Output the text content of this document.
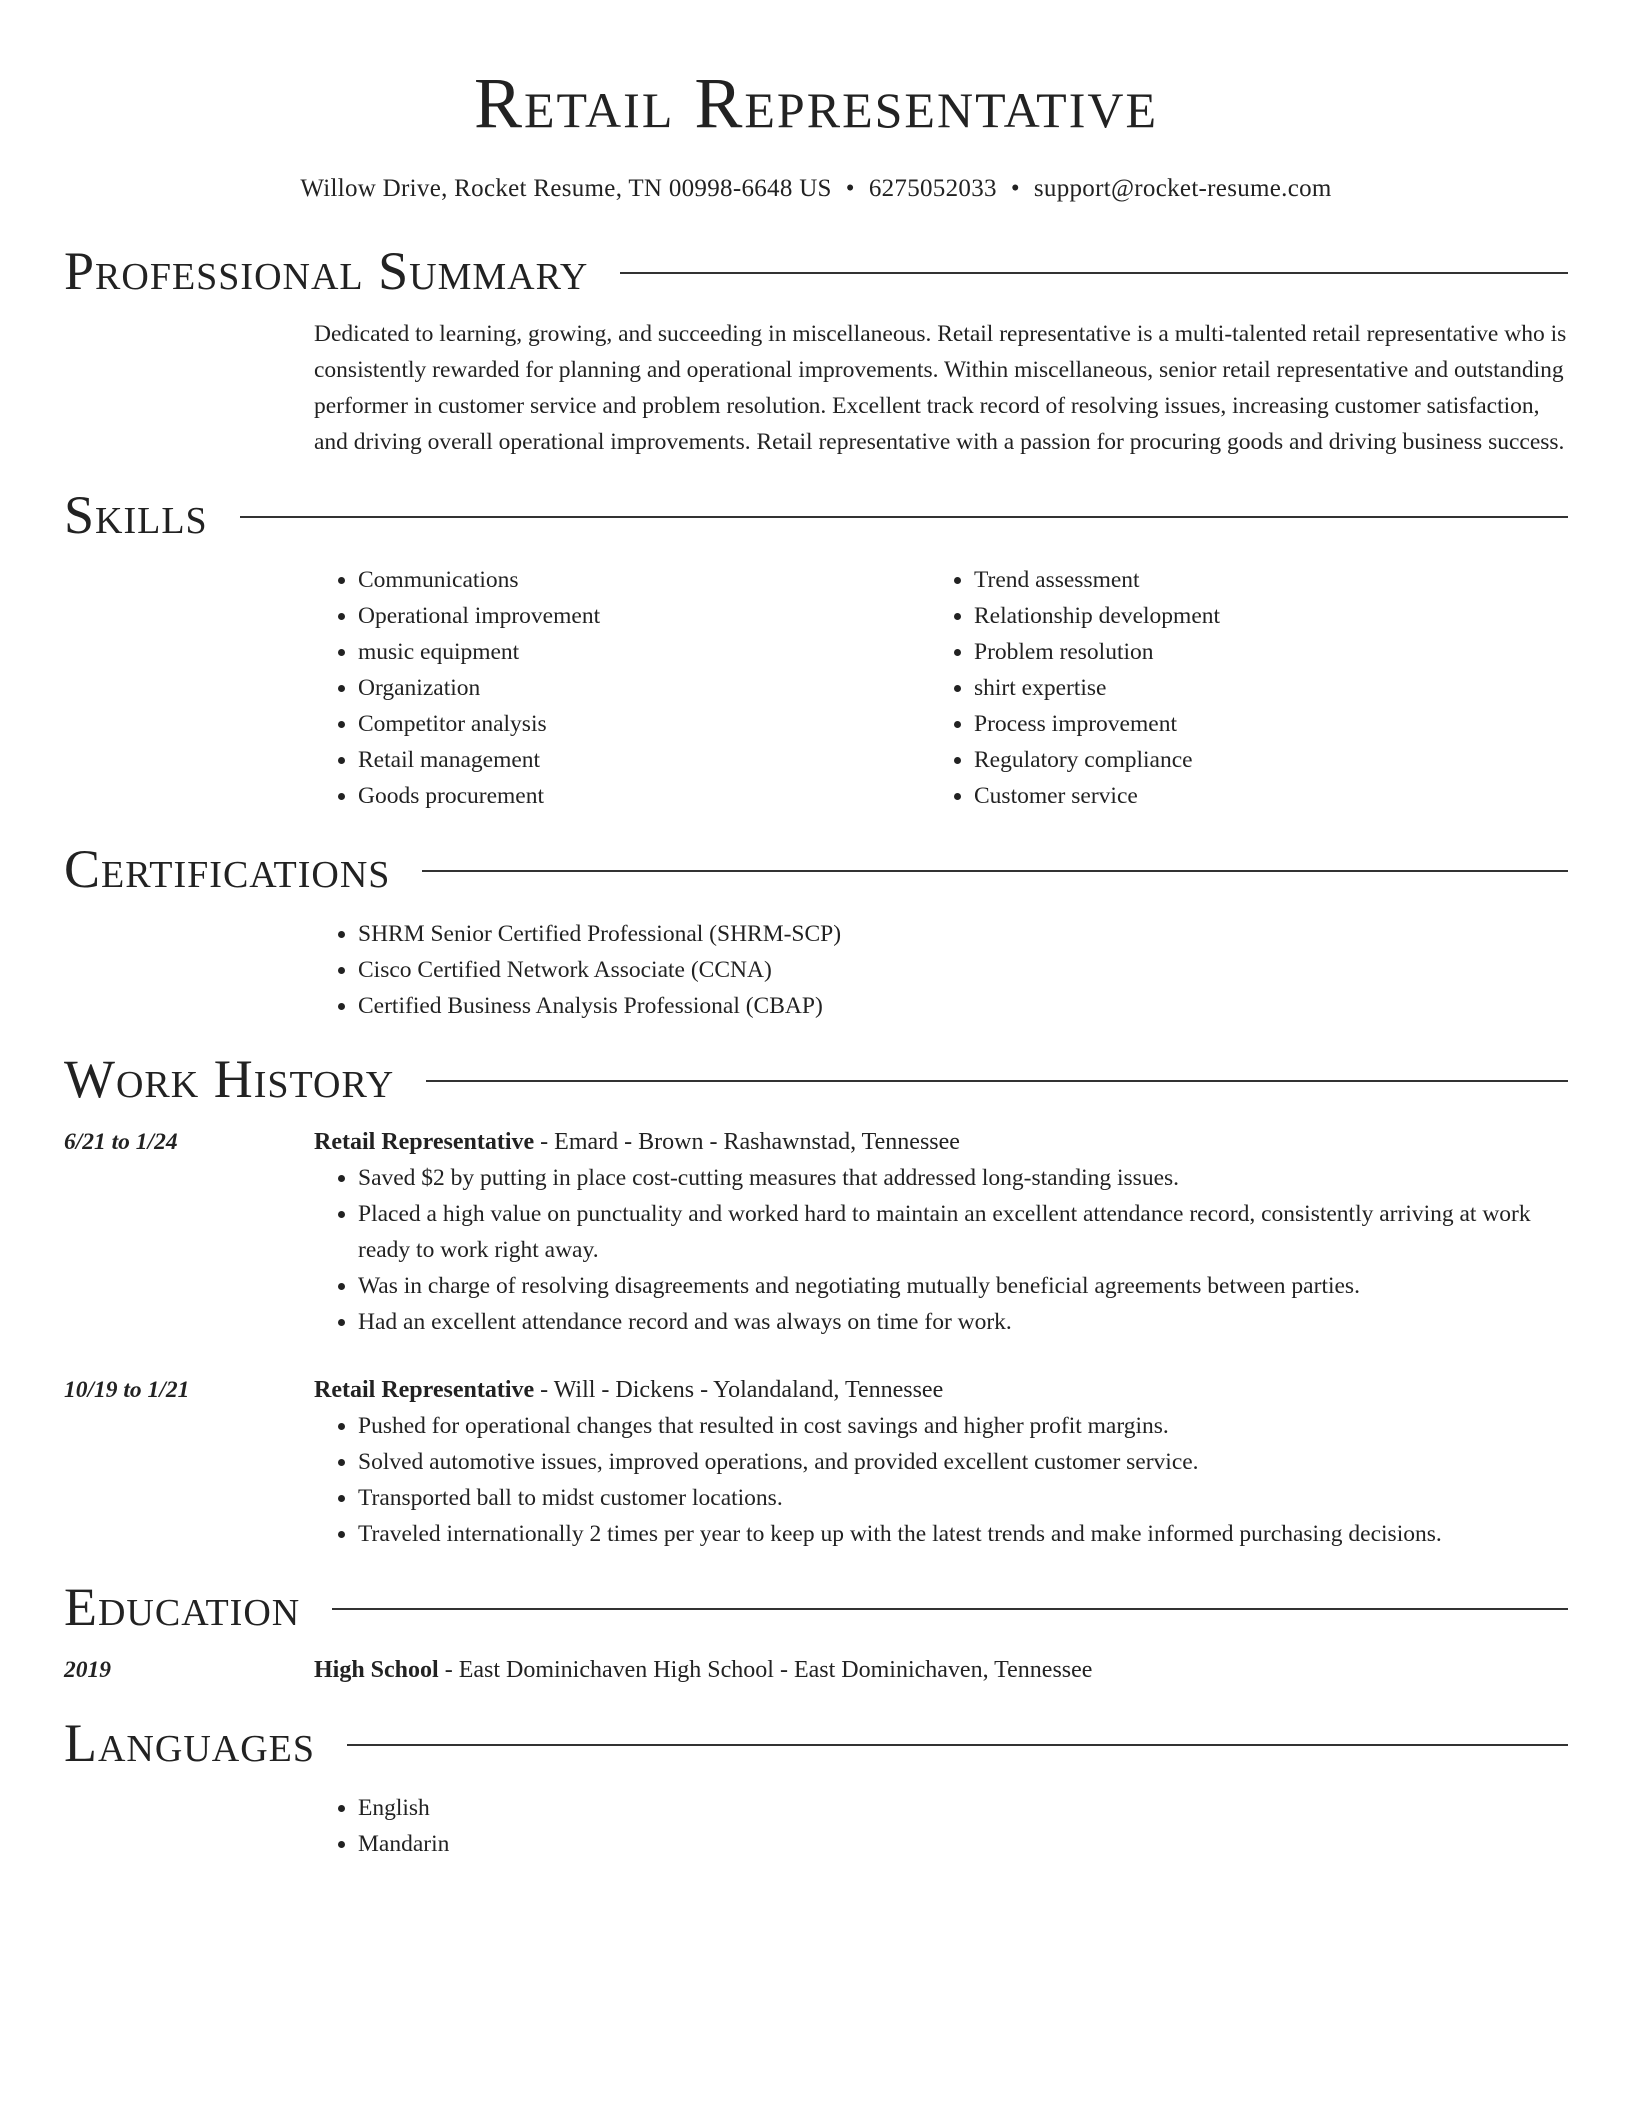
Retail Representative
Willow Drive, Rocket Resume, TN 00998-6648 US • 6275052033 • support@rocket-resume.com
Professional Summary
Dedicated to learning, growing, and succeeding in miscellaneous. Retail representative is a multi-talented retail representative who is consistently rewarded for planning and operational improvements. Within miscellaneous, senior retail representative and outstanding performer in customer service and problem resolution. Excellent track record of resolving issues, increasing customer satisfaction, and driving overall operational improvements. Retail representative with a passion for procuring goods and driving business success.
Skills
• Communications
• Operational improvement
• music equipment
• Organization
• Competitor analysis
• Retail management
• Goods procurement
• Trend assessment
• Relationship development
• Problem resolution
• shirt expertise
• Process improvement
• Regulatory compliance
• Customer service
Certifications
• SHRM Senior Certified Professional (SHRM-SCP)
• Cisco Certified Network Associate (CCNA)
• Certified Business Analysis Professional (CBAP)
Work History
6/21 to 1/24	Retail Representative - Emard - Brown - Rashawnstad, Tennessee
• Saved $2 by putting in place cost-cutting measures that addressed long-standing issues.
• Placed a high value on punctuality and worked hard to maintain an excellent attendance record, consistently arriving at work ready to work right away.
• Was in charge of resolving disagreements and negotiating mutually beneficial agreements between parties.
• Had an excellent attendance record and was always on time for work.
10/19 to 1/21	Retail Representative - Will - Dickens - Yolandaland, Tennessee
• Pushed for operational changes that resulted in cost savings and higher profit margins.
• Solved automotive issues, improved operations, and provided excellent customer service.
• Transported ball to midst customer locations.
• Traveled internationally 2 times per year to keep up with the latest trends and make informed purchasing decisions.
Education
2019	High School - East Dominichaven High School - East Dominichaven, Tennessee
Languages
• English
• Mandarin
